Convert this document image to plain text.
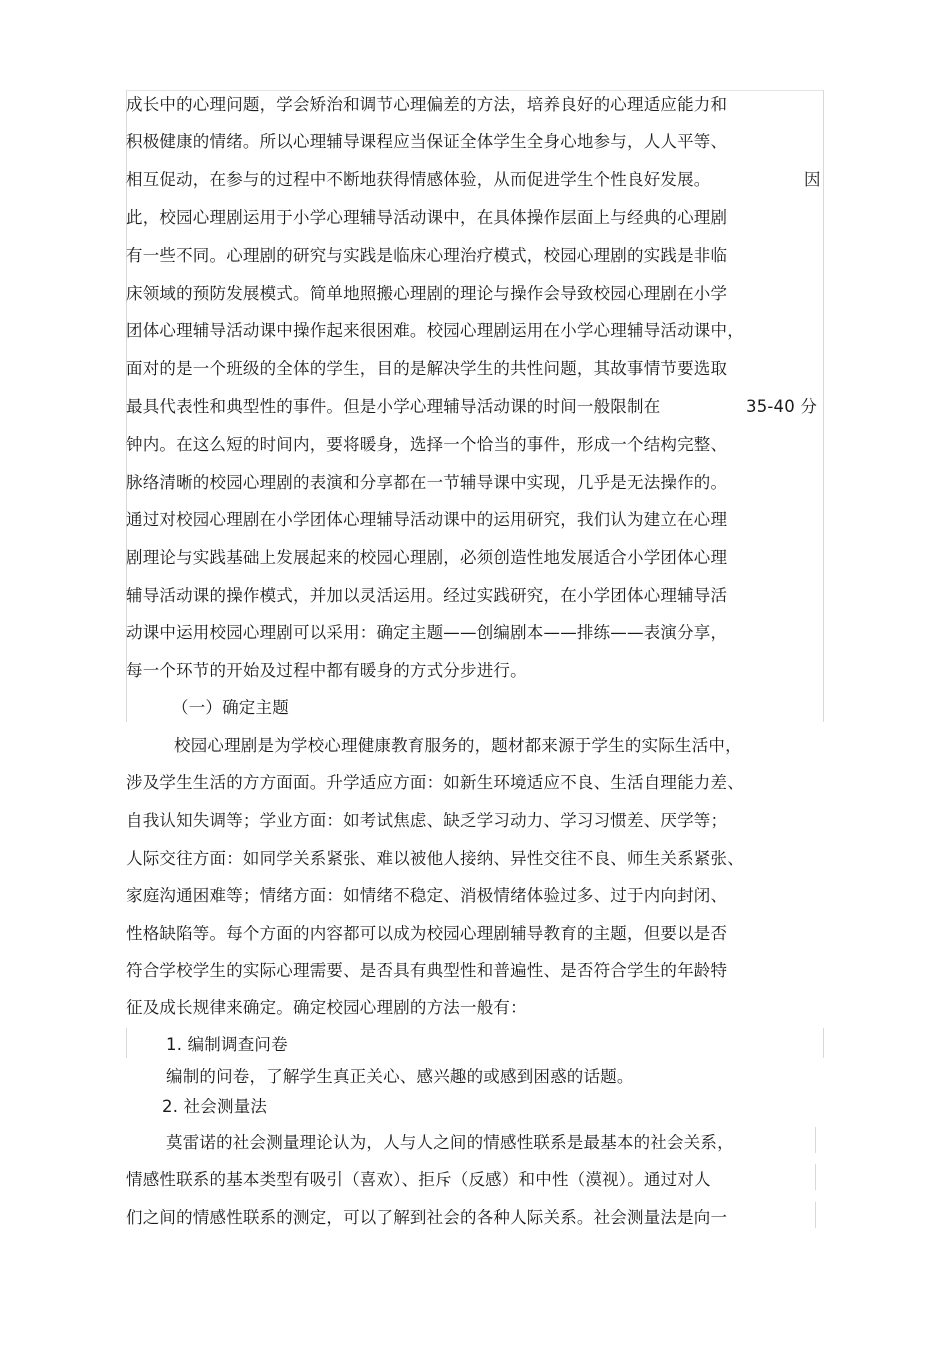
成长中的心理问题，学会矫治和调节心理偏差的方法，培养良好的心理适应能力和
积极健康的情绪。所以心理辅导课程应当保证全体学生全身心地参与，人人平等、
相互促动，在参与的过程中不断地获得情感体验，从而促进学生个性良好发展。	因
此，校园心理剧运用于小学心理辅导活动课中，在具体操作层面上与经典的心理剧
有一些不同。心理剧的研究与实践是临床心理治疗模式，校园心理剧的实践是非临
床领域的预防发展模式。简单地照搬心理剧的理论与操作会导致校园心理剧在小学
团体心理辅导活动课中操作起来很困难。校园心理剧运用在小学心理辅导活动课中，
面对的是一个班级的全体的学生，目的是解决学生的共性问题，其故事情节要选取
最具代表性和典型性的事件。但是小学心理辅导活动课的时间一般限制在	35-40 分
钟内。在这么短的时间内，要将暖身，选择一个恰当的事件，形成一个结构完整、
脉络清晰的校园心理剧的表演和分享都在一节辅导课中实现，几乎是无法操作的。
通过对校园心理剧在小学团体心理辅导活动课中的运用研究，我们认为建立在心理
剧理论与实践基础上发展起来的校园心理剧，必须创造性地发展适合小学团体心理
辅导活动课的操作模式，并加以灵活运用。经过实践研究，在小学团体心理辅导活
动课中运用校园心理剧可以采用：确定主题——创编剧本——排练——表演分享，
每一个环节的开始及过程中都有暖身的方式分步进行。
（一）确定主题
校园心理剧是为学校心理健康教育服务的，题材都来源于学生的实际生活中，
涉及学生生活的方方面面。升学适应方面：如新生环境适应不良、生活自理能力差、
自我认知失调等；学业方面：如考试焦虑、缺乏学习动力、学习习惯差、厌学等；
人际交往方面：如同学关系紧张、难以被他人接纳、异性交往不良、师生关系紧张、
家庭沟通困难等；情绪方面：如情绪不稳定、消极情绪体验过多、过于内向封闭、
性格缺陷等。每个方面的内容都可以成为校园心理剧辅导教育的主题，但要以是否
符合学校学生的实际心理需要、是否具有典型性和普遍性、是否符合学生的年龄特
征及成长规律来确定。确定校园心理剧的方法一般有：
1. 编制调查问卷
编制的问卷，了解学生真正关心、感兴趣的或感到困惑的话题。
2. 社会测量法
莫雷诺的社会测量理论认为，人与人之间的情感性联系是最基本的社会关系，
情感性联系的基本类型有吸引（喜欢）、拒斥（反感）和中性（漠视）。通过对人
们之间的情感性联系的测定，可以了解到社会的各种人际关系。社会测量法是向一
